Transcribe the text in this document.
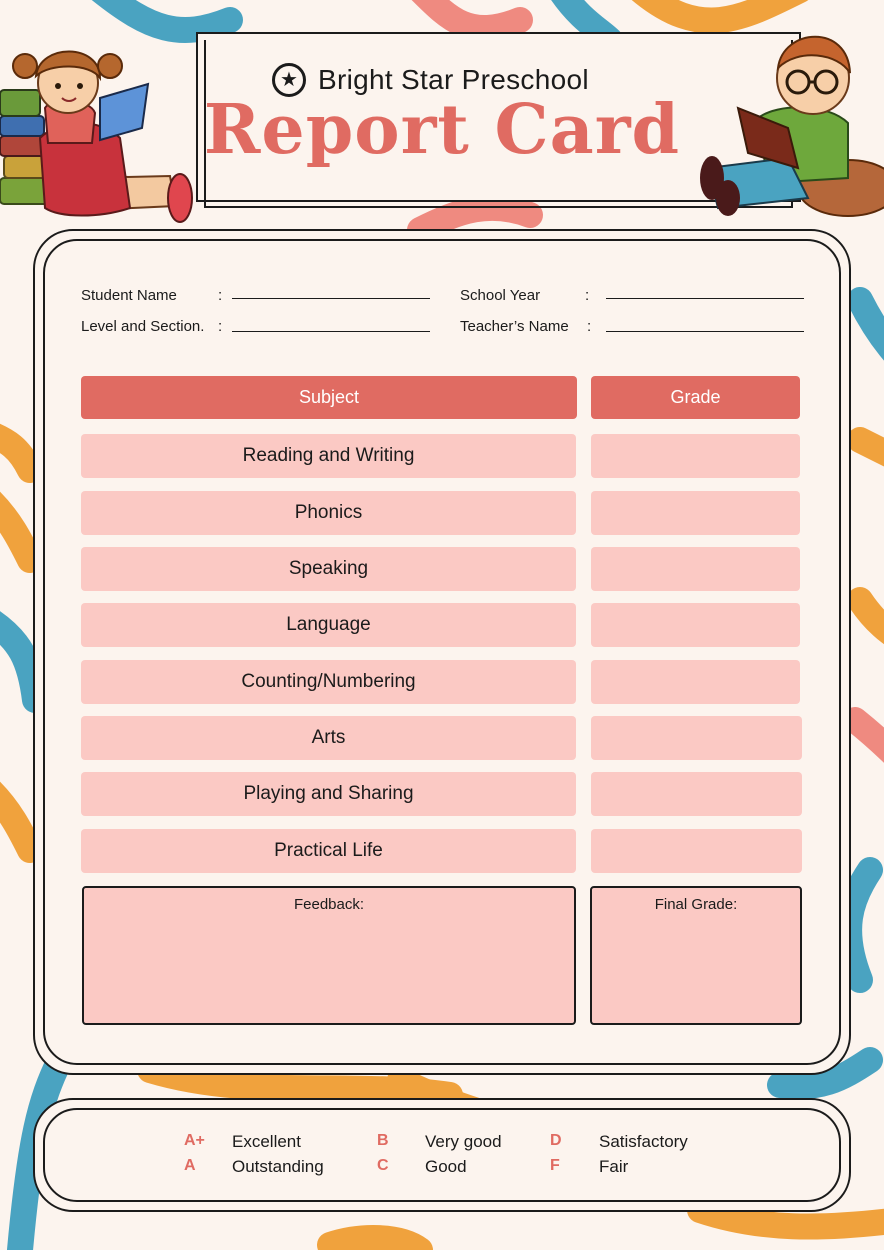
★ Bright Star Preschool
Report Card
Student Name	:
Level and Section. :
School Year	:
Teacher’s Name :
Subject	Grade
Reading and Writing
Phonics
Speaking
Language
Counting/Numbering
Arts
Playing and Sharing
Practical Life
Feedback:	Final Grade:
A+ Excellent
A Outstanding
B Very good
C Good
D Satisfactory
F Fair
